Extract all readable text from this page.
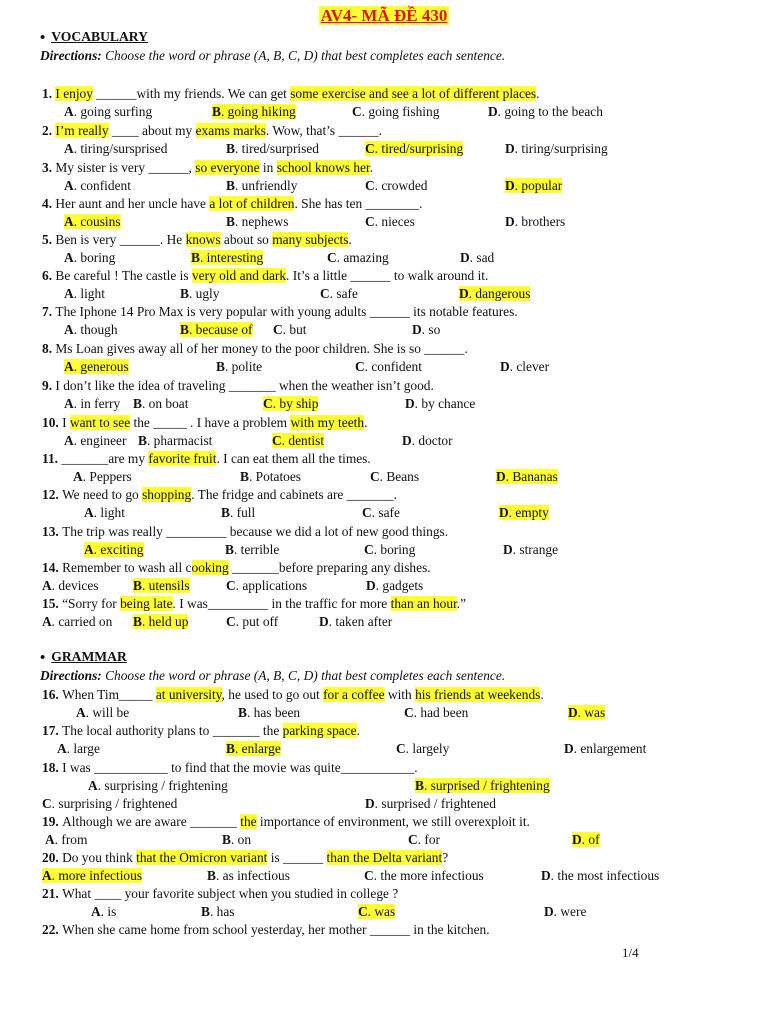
AV4- MÃ ĐỀ 430
• VOCABULARY
Directions: Choose the word or phrase (A, B, C, D) that best completes each sentence.
• GRAMMAR
Directions: Choose the word or phrase (A, B, C, D) that best completes each sentence.
1. I enjoy ______with my friends. We can get some exercise and see a lot of different places.
A. going surfing	B. going hiking	C. going fishing	D. going to the beach
2. I’m really ____ about my exams marks. Wow, that’s ______.
A. tiring/sursprised	B. tired/surprised	C. tired/surprising	D. tiring/surprising
3. My sister is very ______, so everyone in school knows her.
A. confident	B. unfriendly	C. crowded	D. popular
4. Her aunt and her uncle have a lot of children. She has ten ________.
A. cousins	B. nephews	C. nieces	D. brothers
5. Ben is very ______. He knows about so many subjects.
A. boring	B. interesting	C. amazing	D. sad
6. Be careful ! The castle is very old and dark. It’s a little ______ to walk around it.
A. light	B. ugly	C. safe	D. dangerous
7. The Iphone 14 Pro Max is very popular with young adults ______ its notable features.
A. though	B. because of C. but	D. so
8. Ms Loan gives away all of her money to the poor children. She is so ______.
A. generous	B. polite	C. confident	D. clever
9. I don’t like the idea of traveling _______ when the weather isn’t good.
A. in ferry B. on boat	C. by ship	D. by chance
10. I want to see the _____ . I have a problem with my teeth.
A. engineer B. pharmacist	C. dentist	D. doctor
11. _______are my favorite fruit. I can eat them all the times.
A. Peppers	B. Potatoes	C. Beans	D. Bananas
12. We need to go shopping. The fridge and cabinets are _______.
A. light	B. full	C. safe	D. empty
13. The trip was really _________ because we did a lot of new good things.
A. exciting	B. terrible	C. boring	D. strange
14. Remember to wash all cooking _______before preparing any dishes.
A. devices	B. utensils	C. applications	D. gadgets
15. “Sorry for being late. I was_________ in the traffic for more than an hour.”
A. carried on B. held up	C. put off	D. taken after
16. When Tim_____ at university, he used to go out for a coffee with his friends at weekends.
A. will be	B. has been	C. had been	D. was
17. The local authority plans to _______ the parking space.
A. large	B. enlarge	C. largely	D. enlargement
18. I was ___________ to find that the movie was quite___________.
A. surprising / frightening	B. surprised / frightening
C. surprising / frightened	D. surprised / frightened
19. Although we are aware _______ the importance of environment, we still overexploit it.
A. from	B. on	C. for	D. of
20. Do you think that the Omicron variant is ______ than the Delta variant?
A. more infectious	B. as infectious	C. the more infectious	D. the most infectious
21. What ____ your favorite subject when you studied in college ?
A. is	B. has	C. was	D. were
22. When she came home from school yesterday, her mother ______ in the kitchen.
1/4
